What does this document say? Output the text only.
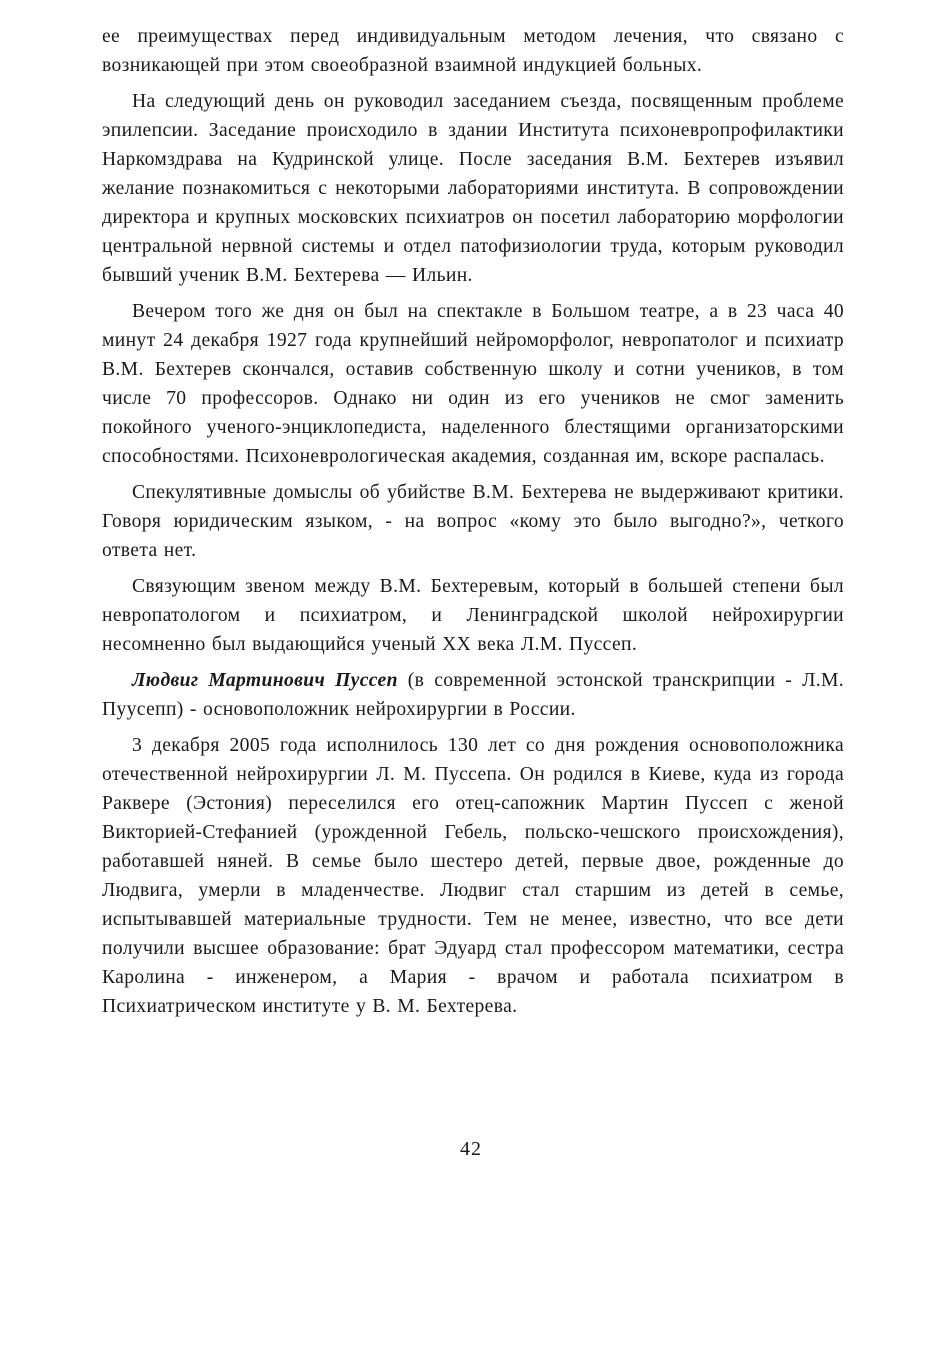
ее преимуществах перед индивидуальным методом лечения, что связано с возникающей при этом своеобразной взаимной индукцией больных.

На следующий день он руководил заседанием съезда, посвященным проблеме эпилепсии. Заседание происходило в здании Института психоневропрофилактики Наркомздрава на Кудринской улице. После заседания В.М. Бехтерев изъявил желание познакомиться с некоторыми лабораториями института. В сопровождении директора и крупных московских психиатров он посетил лабораторию морфологии центральной нервной системы и отдел патофизиологии труда, которым руководил бывший ученик В.М. Бехтерева — Ильин.

Вечером того же дня он был на спектакле в Большом театре, а в 23 часа 40 минут 24 декабря 1927 года крупнейший нейроморфолог, невропатолог и психиатр В.М. Бехтерев скончался, оставив собственную школу и сотни учеников, в том числе 70 профессоров. Однако ни один из его учеников не смог заменить покойного ученого-энциклопедиста, наделенного блестящими организаторскими способностями. Психоневрологическая академия, созданная им, вскоре распалась.

Спекулятивные домыслы об убийстве В.М. Бехтерева не выдерживают критики. Говоря юридическим языком, - на вопрос «кому это было выгодно?», четкого ответа нет.

Связующим звеном между В.М. Бехтеревым, который в большей степени был невропатологом и психиатром, и Ленинградской школой нейрохирургии несомненно был выдающийся ученый XX века Л.М. Пуссеп.

Людвиг Мартинович Пуссеп (в современной эстонской транскрипции - Л.М. Пуусепп) - основоположник нейрохирургии в России.

3 декабря 2005 года исполнилось 130 лет со дня рождения основоположника отечественной нейрохирургии Л. М. Пуссепа. Он родился в Киеве, куда из города Раквере (Эстония) переселился его отец-сапожник Мартин Пуссеп с женой Викторией-Стефанией (урожденной Гебель, польско-чешского происхождения), работавшей няней. В семье было шестеро детей, первые двое, рожденные до Людвига, умерли в младенчестве. Людвиг стал старшим из детей в семье, испытывавшей материальные трудности. Тем не менее, известно, что все дети получили высшее образование: брат Эдуард стал профессором математики, сестра Каролина - инженером, а Мария - врачом и работала психиатром в Психиатрическом институте у В. М. Бехтерева.

42
